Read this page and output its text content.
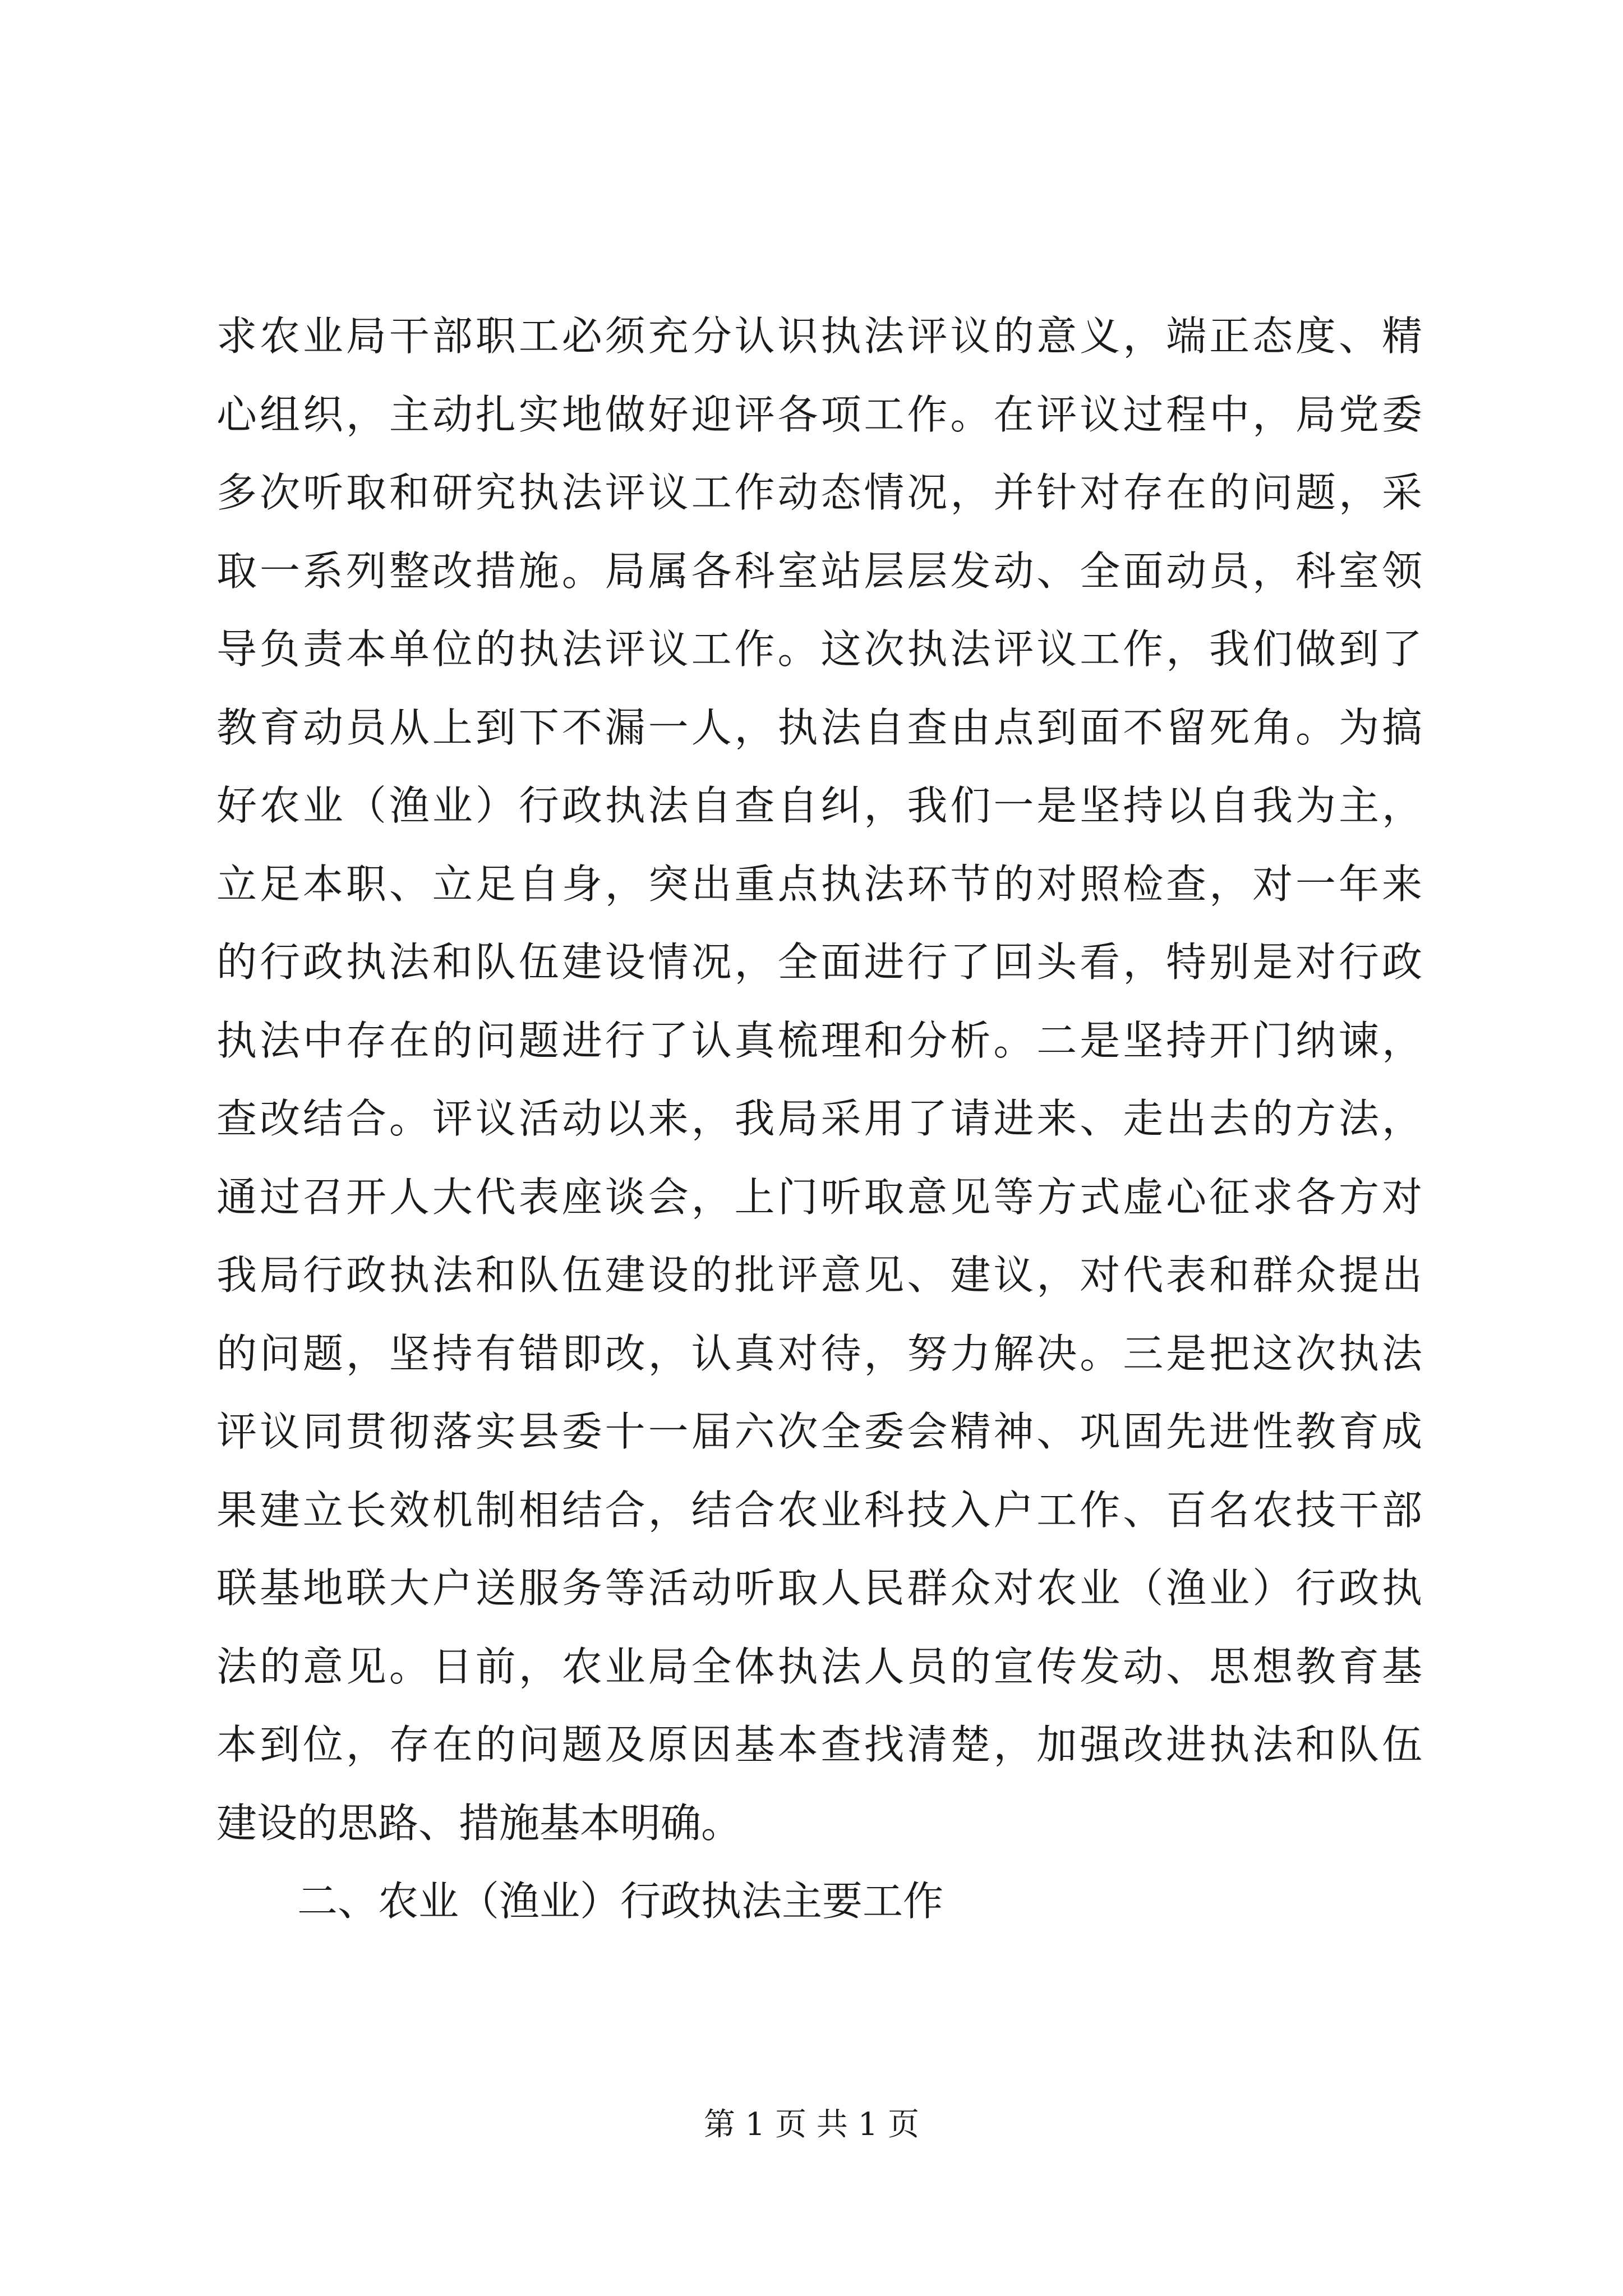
求农业局干部职工必须充分认识执法评议的意义，端正态度、精
心组织，主动扎实地做好迎评各项工作。在评议过程中，局党委
多次听取和研究执法评议工作动态情况，并针对存在的问题，采
取一系列整改措施。局属各科室站层层发动、全面动员，科室领
导负责本单位的执法评议工作。这次执法评议工作，我们做到了
教育动员从上到下不漏一人，执法自查由点到面不留死角。为搞
好农业（渔业）行政执法自查自纠，我们一是坚持以自我为主，
立足本职、立足自身，突出重点执法环节的对照检查，对一年来
的行政执法和队伍建设情况，全面进行了回头看，特别是对行政
执法中存在的问题进行了认真梳理和分析。二是坚持开门纳谏，
查改结合。评议活动以来，我局采用了请进来、走出去的方法，
通过召开人大代表座谈会，上门听取意见等方式虚心征求各方对
我局行政执法和队伍建设的批评意见、建议，对代表和群众提出
的问题，坚持有错即改，认真对待，努力解决。三是把这次执法
评议同贯彻落实县委十一届六次全委会精神、巩固先进性教育成
果建立长效机制相结合，结合农业科技入户工作、百名农技干部
联基地联大户送服务等活动听取人民群众对农业（渔业）行政执
法的意见。日前，农业局全体执法人员的宣传发动、思想教育基
本到位，存在的问题及原因基本查找清楚，加强改进执法和队伍
建设的思路、措施基本明确。
二、农业（渔业）行政执法主要工作
第 1 页 共 1 页
